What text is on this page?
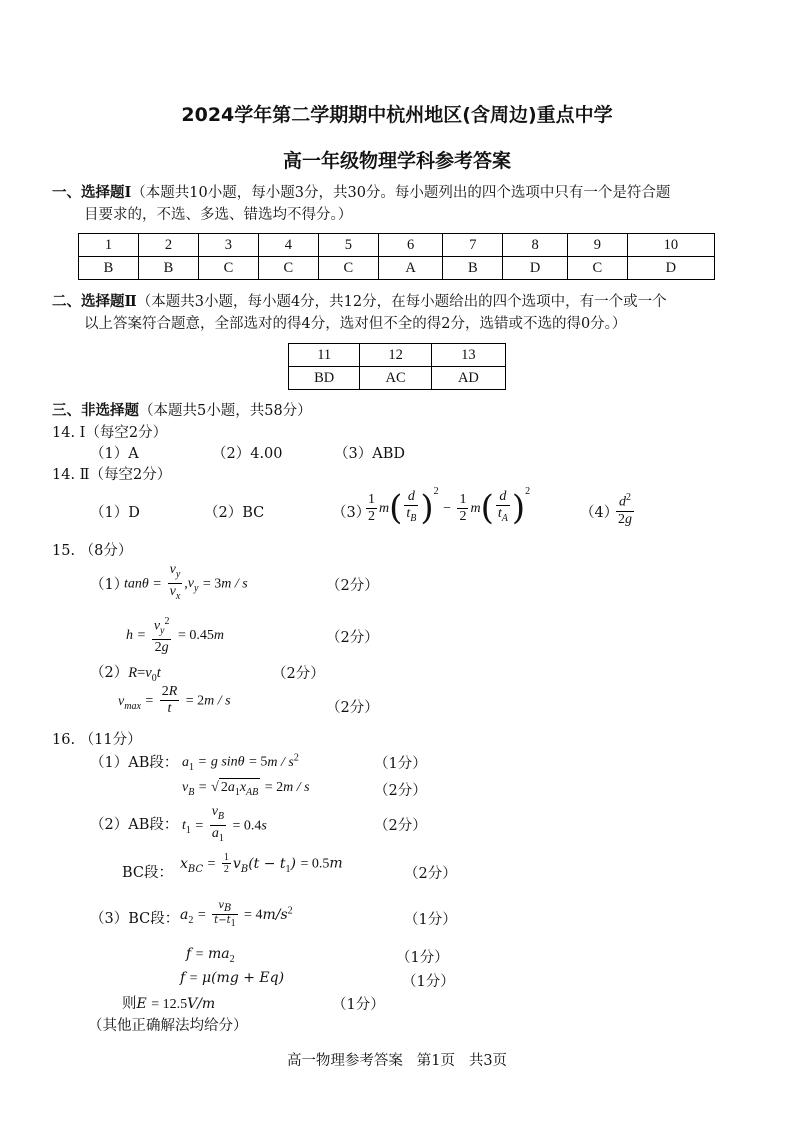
2024学年第二学期期中杭州地区(含周边)重点中学
高一年级物理学科参考答案
一、选择题Ⅰ（本题共10小题，每小题3分，共30分。每小题列出的四个选项中只有一个是符合题
目要求的，不选、多选、错选均不得分。）
1	2	3	4	5	6	7	8	9	10
B	B	C	C	C	A	B	D	C	D
二、选择题Ⅱ（本题共3小题，每小题4分，共12分，在每小题给出的四个选项中，有一个或一个
以上答案符合题意，全部选对的得4分，选对但不全的得2分，选错或不选的得0分。）
11	12	13
BD	AC	AD
三、非选择题（本题共5小题，共58分）
14. Ⅰ（每空2分）
（1）A	（2）4.00	（3）ABD
14. Ⅱ（每空2分）
（1）D	（2）BC	（3）
$\frac{1}{2} m( \frac{d}{t_B} )^2 - \frac{1}{2} m( \frac{d}{t_A} )^2$
（4）
$\frac{d^2}{2g}$
15. （8分）
（1）
$\tan\theta = \frac{v_y}{v_x} ,v_y = 3m / s$	（2分）
$h = \frac{v_y^2}{2g} = 0.45m$	（2分）
$(2)R=v_0t$	（2分）
$v_{max} = \frac{2R}{t} = 2m / s$	（2分）
16. （11分）
（1）AB段： $a_1 = g$ $\sin\theta = 5m / s^2$	（1分）
$v_B$ = √ $2a_1x_{AB} = 2m / s$	（2分）
（2）AB段： $t_1 = \frac{v_B}{a_1} = 0.4s$	（2分）
BC段：
$x_{BC} = \frac{1}{2} v_B(t - t_1) = 0.5m$
（2分）
（3）BC段： $a_2 = \frac{v_B}{t-t_1} = 4m/s^2$
（1分）
$f = ma_2$	（1分）
f = μ(mg + Eq)	（1分）
则E = 12.5V/m	（1分）
（其他正确解法均给分）
高一物理参考答案   第1页   共3页
